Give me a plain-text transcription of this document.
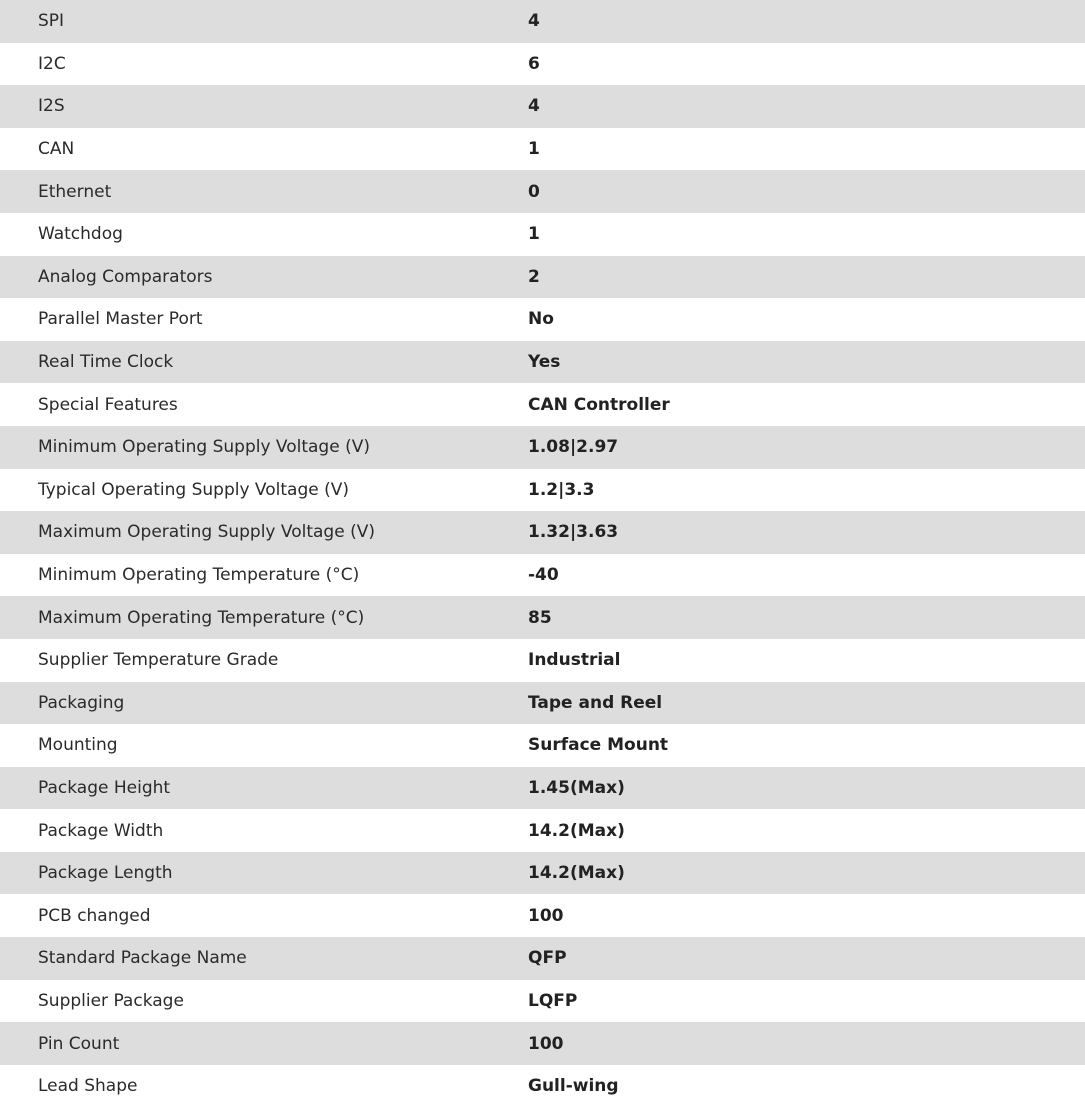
SPI	4
I2C	6
I2S	4
CAN	1
Ethernet	0
Watchdog	1
Analog Comparators	2
Parallel Master Port	No
Real Time Clock	Yes
Special Features	CAN Controller
Minimum Operating Supply Voltage (V)	1.08|2.97
Typical Operating Supply Voltage (V)	1.2|3.3
Maximum Operating Supply Voltage (V)	1.32|3.63
Minimum Operating Temperature (°C)	-40
Maximum Operating Temperature (°C)	85
Supplier Temperature Grade	Industrial
Packaging	Tape and Reel
Mounting	Surface Mount
Package Height	1.45(Max)
Package Width	14.2(Max)
Package Length	14.2(Max)
PCB changed	100
Standard Package Name	QFP
Supplier Package	LQFP
Pin Count	100
Lead Shape	Gull-wing
